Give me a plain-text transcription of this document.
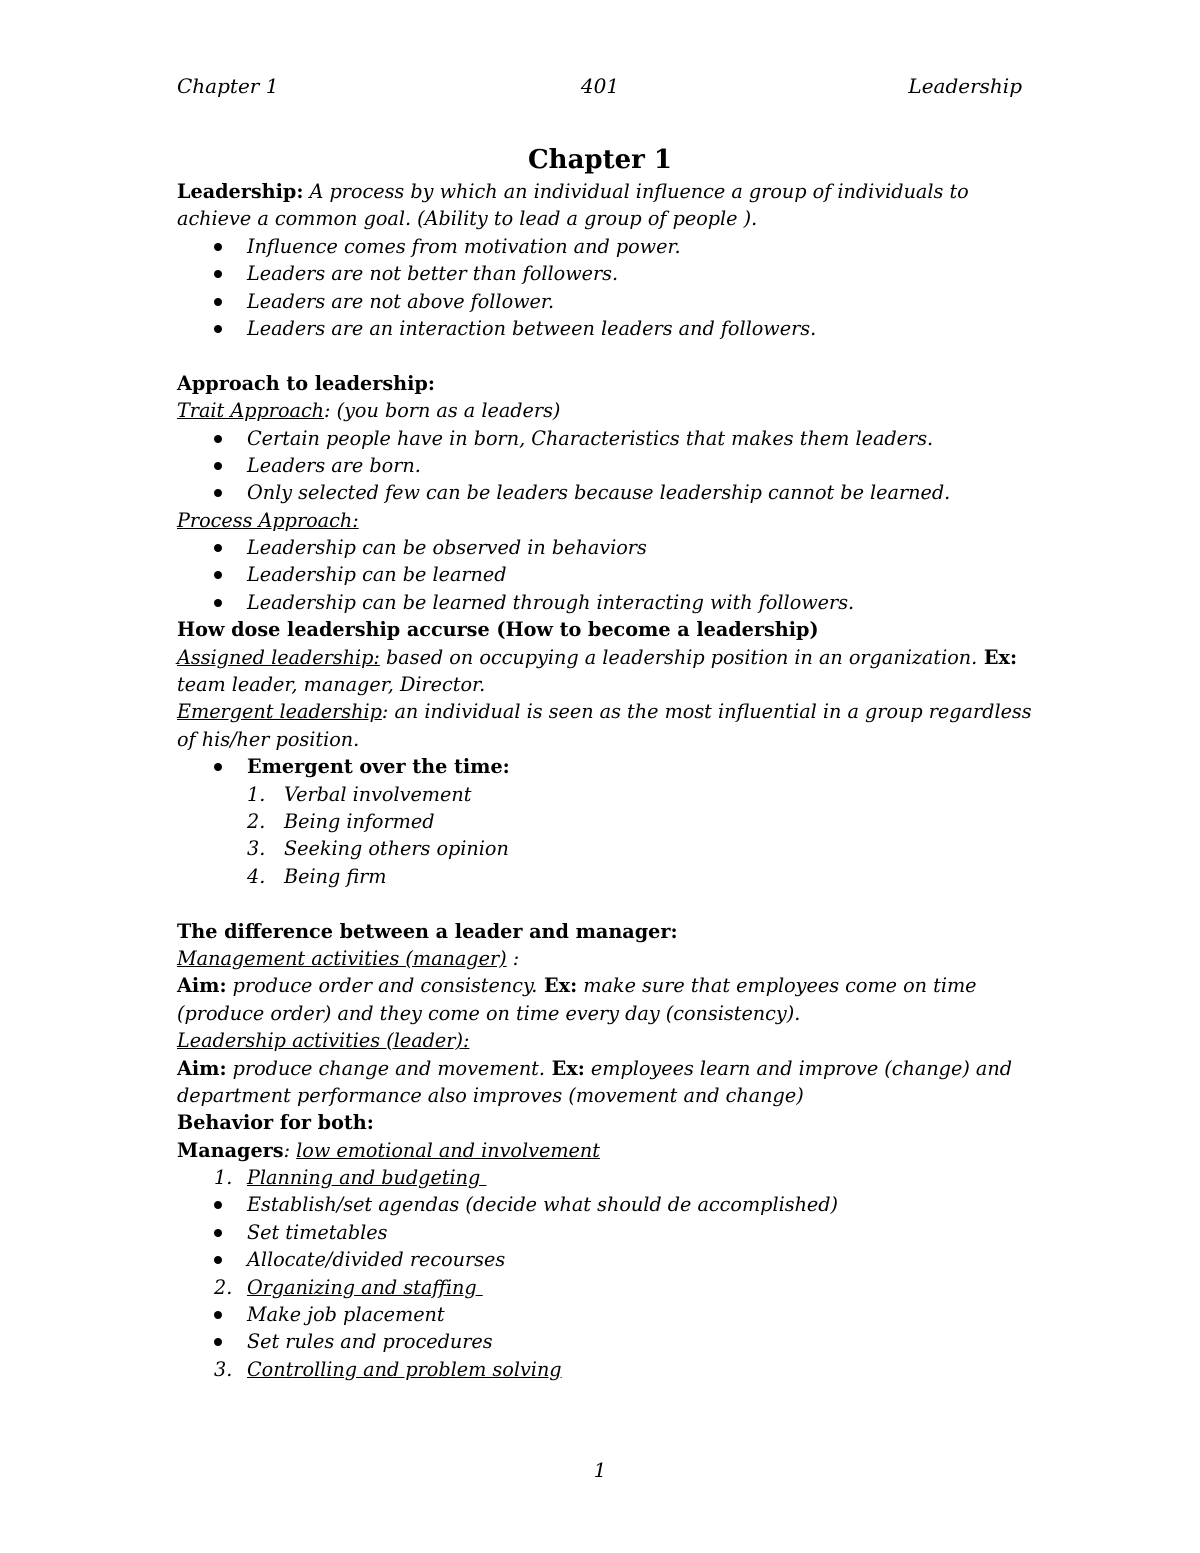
Chapter 1	401	Leadership
Chapter 1
Leadership: A process by which an individual influence a group of individuals to
achieve a common goal. (Ability to lead a group of people ).
Influence comes from motivation and power.
Leaders are not better than followers.
Leaders are not above follower.
Leaders are an interaction between leaders and followers.
Approach to leadership:
Trait Approach: (you born as a leaders)
Certain people have in born, Characteristics that makes them leaders.
Leaders are born.
Only selected few can be leaders because leadership cannot be learned.
Process Approach:
Leadership can be observed in behaviors
Leadership can be learned
Leadership can be learned through interacting with followers.
How dose leadership accurse (How to become a leadership)
Assigned leadership: based on occupying a leadership position in an organization. Ex:
team leader, manager, Director.
Emergent leadership: an individual is seen as the most influential in a group regardless
of his/her position.
Emergent over the time:
1. Verbal involvement
2. Being informed
3. Seeking others opinion
4. Being firm
The difference between a leader and manager:
Management activities (manager) :
Aim: produce order and consistency. Ex: make sure that employees come on time
(produce order) and they come on time every day (consistency).
Leadership activities (leader):
Aim: produce change and movement. Ex: employees learn and improve (change) and
department performance also improves (movement and change)
Behavior for both:
Managers: low emotional and involvement
1. Planning and budgeting
Establish/set agendas (decide what should de accomplished)
Set timetables
Allocate/divided recourses
2. Organizing and staffing
Make job placement
Set rules and procedures
3. Controlling and problem solving
1
